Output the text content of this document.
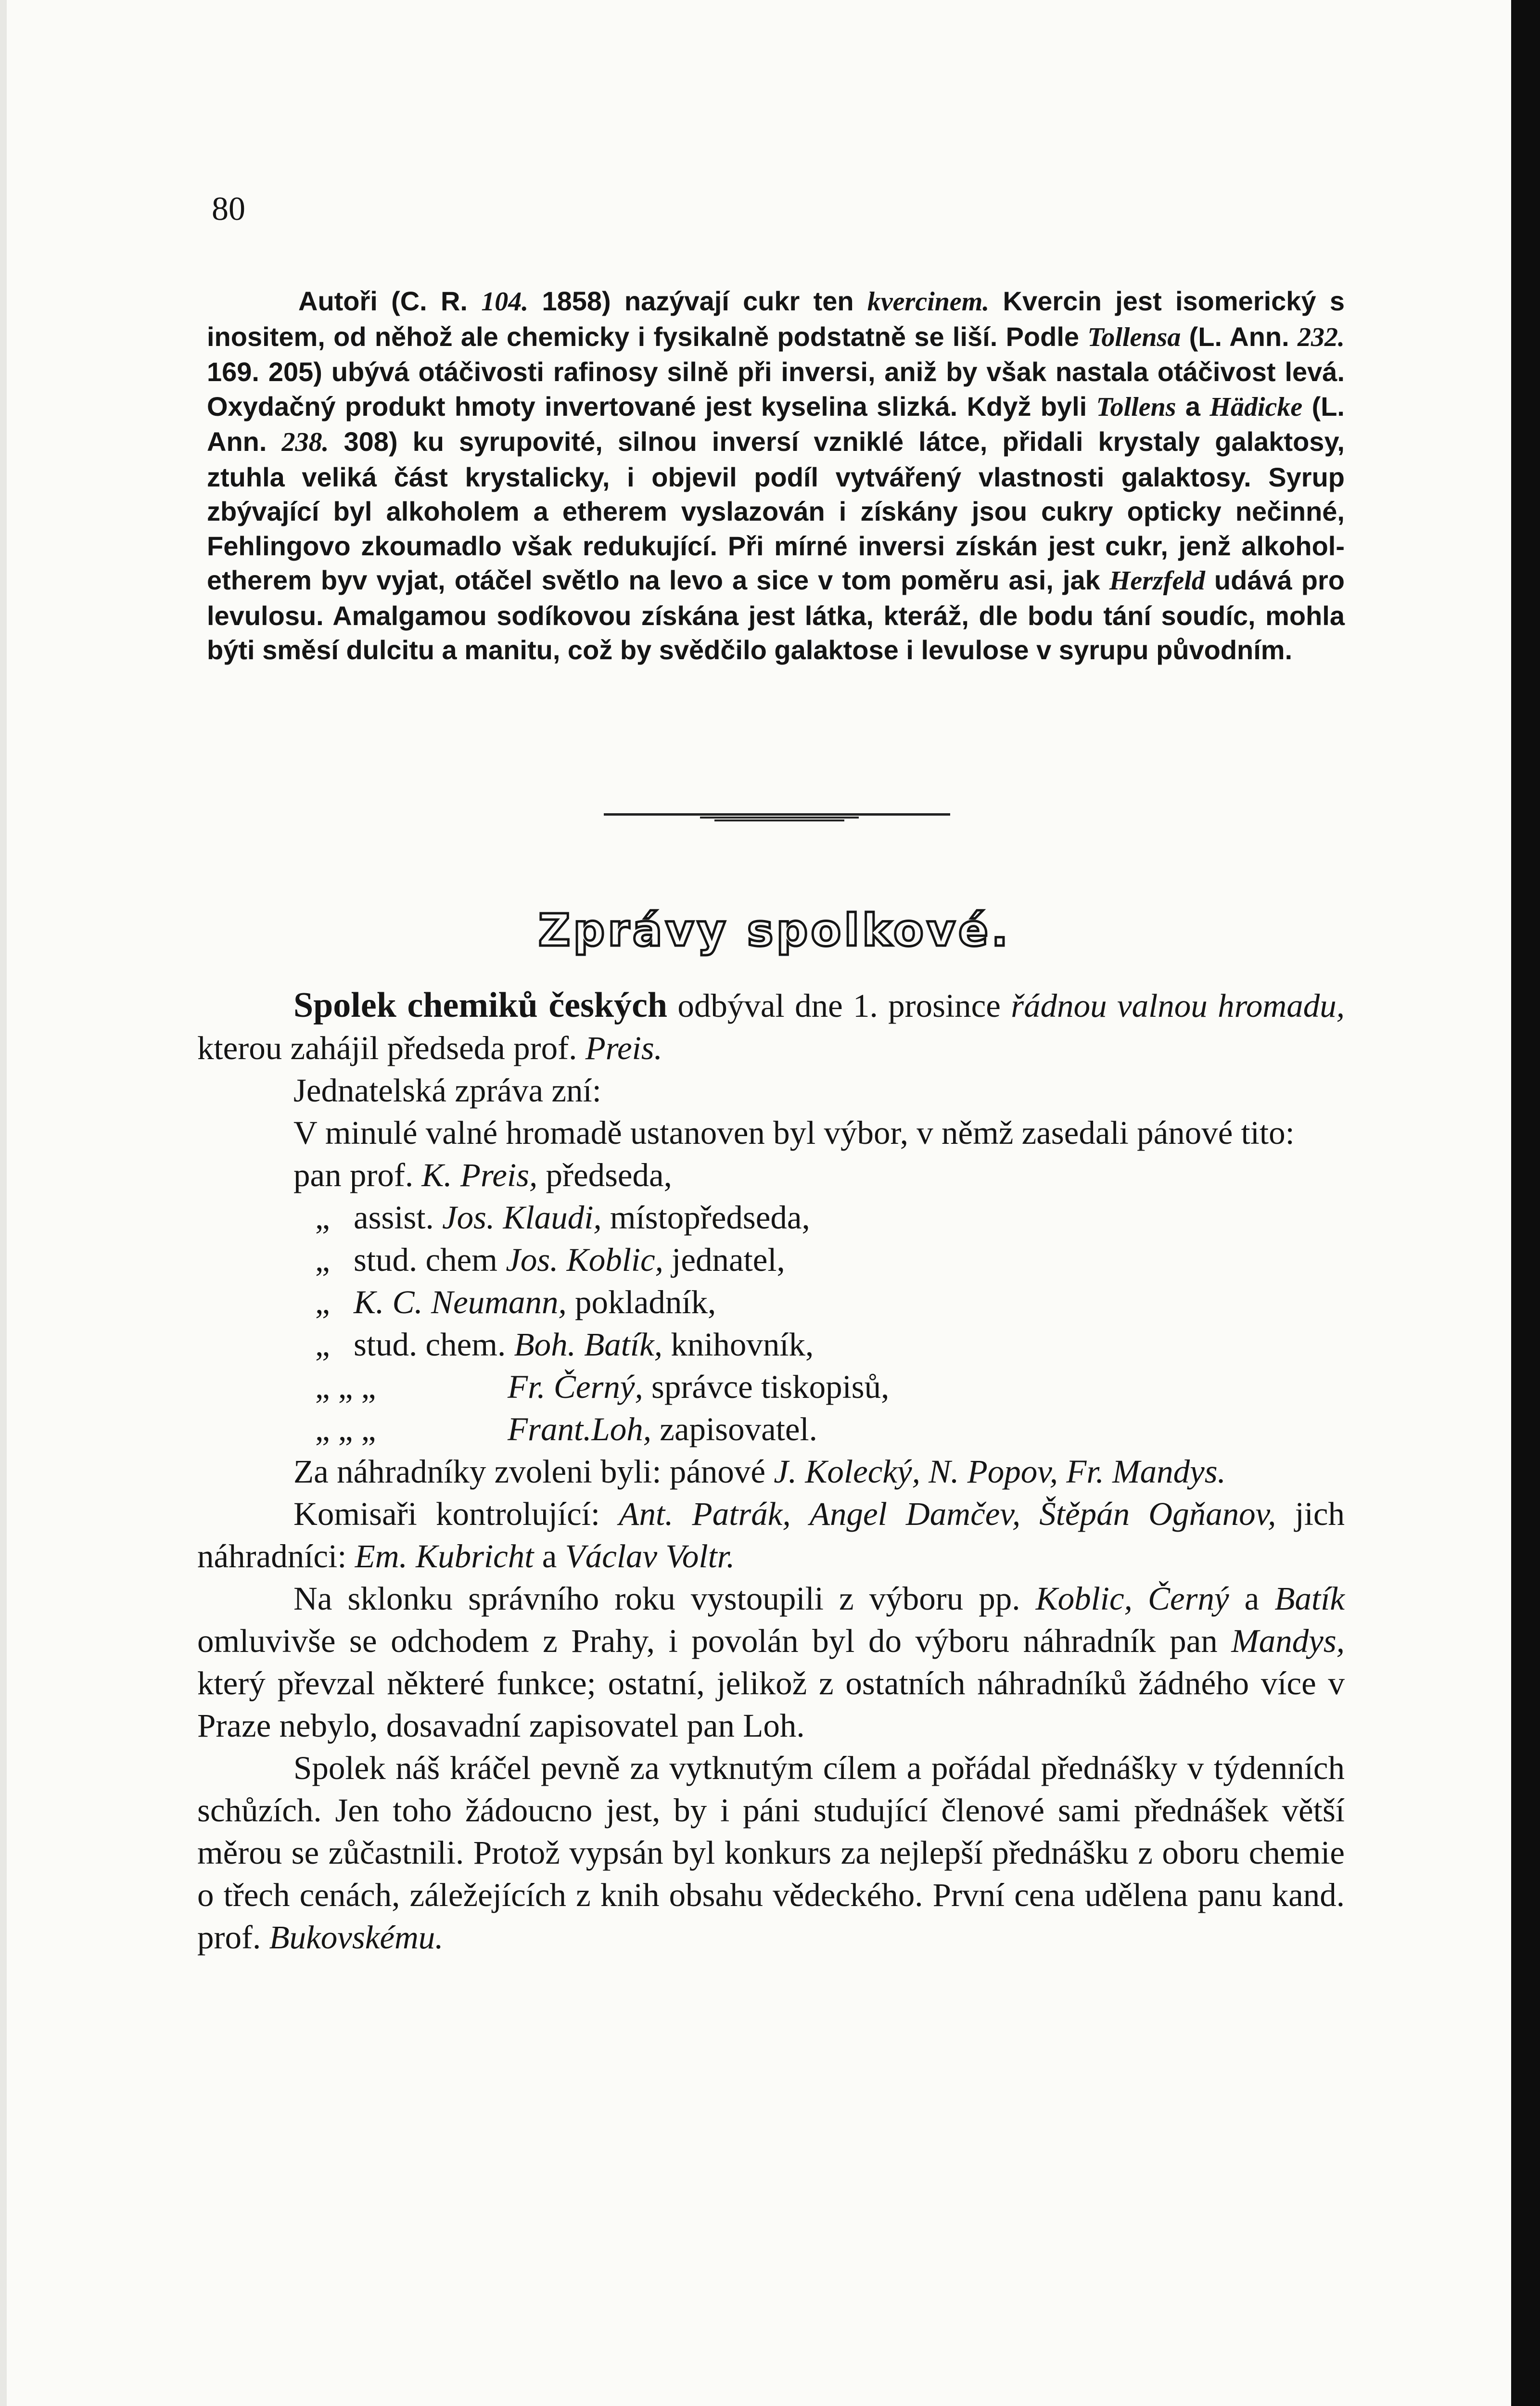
80

Autoři (C. R. 104. 1858) nazývají cukr ten kvercinem. Kvercin jest isomerický s inositem, od něhož ale chemicky i fysikalně podstatně se liší. Podle Tollensa (L. Ann. 232. 169. 205) ubývá otáčivosti rafinosy silně při inversi, aniž by však nastala otáčivost levá. Oxydačný produkt hmoty invertované jest kyselina slizká. Když byli Tollens a Hädicke (L. Ann. 238. 308) ku syrupovité, silnou inversí vzniklé látce, přidali krystaly galaktosy, ztuhla veliká část krystalicky, i objevil podíl vytvářený vlastnosti galaktosy. Syrup zbývající byl alkoholem a etherem vyslazován i získány jsou cukry opticky nečinné, Fehlingovo zkoumadlo však redukující. Při mírné inversi získán jest cukr, jenž alkohol-etherem byv vyjat, otáčel světlo na levo a sice v tom poměru asi, jak Herzfeld udává pro levulosu. Amalgamou sodíkovou získána jest látka, kteráž, dle bodu tání soudíc, mohla býti směsí dulcitu a manitu, což by svědčilo galaktose i levulose v syrupu původním.

Zprávy spolkové.

Spolek chemiků českých odbýval dne 1. prosince řádnou valnou hromadu, kterou zahájil předseda prof. Preis.

Jednatelská zpráva zní:

V minulé valné hromadě ustanoven byl výbor, v němž zasedali pánové tito:

pan prof. K. Preis, předseda,
„ assist. Jos. Klaudi, místopředseda,
„ stud. chem Jos. Koblic, jednatel,
„ K. C. Neumann, pokladník,
„ stud. chem. Boh. Batík, knihovník,
„ „ „	Fr. Černý, správce tiskopisů,
„ „ „	Frant.Loh, zapisovatel.

Za náhradníky zvoleni byli: pánové J. Kolecký, N. Popov, Fr. Mandys.

Komisaři kontrolující: Ant. Patrák, Angel Damčev, Štěpán Ogňanov, jich náhradníci: Em. Kubricht a Václav Voltr.

Na sklonku správního roku vystoupili z výboru pp. Koblic, Černý a Batík omluvivše se odchodem z Prahy, i povolán byl do výboru náhradník pan Mandys, který převzal některé funkce; ostatní, jelikož z ostatních náhradníků žádného více v Praze nebylo, dosavadní zapisovatel pan Loh.

Spolek náš kráčel pevně za vytknutým cílem a pořádal přednášky v týdenních schůzích. Jen toho žádoucno jest, by i páni studující členové sami přednášek větší měrou se zůčastnili. Protož vypsán byl konkurs za nejlepší přednášku z oboru chemie o třech cenách, záležejících z knih obsahu vědeckého. První cena udělena panu kand. prof. Bukovskému.
